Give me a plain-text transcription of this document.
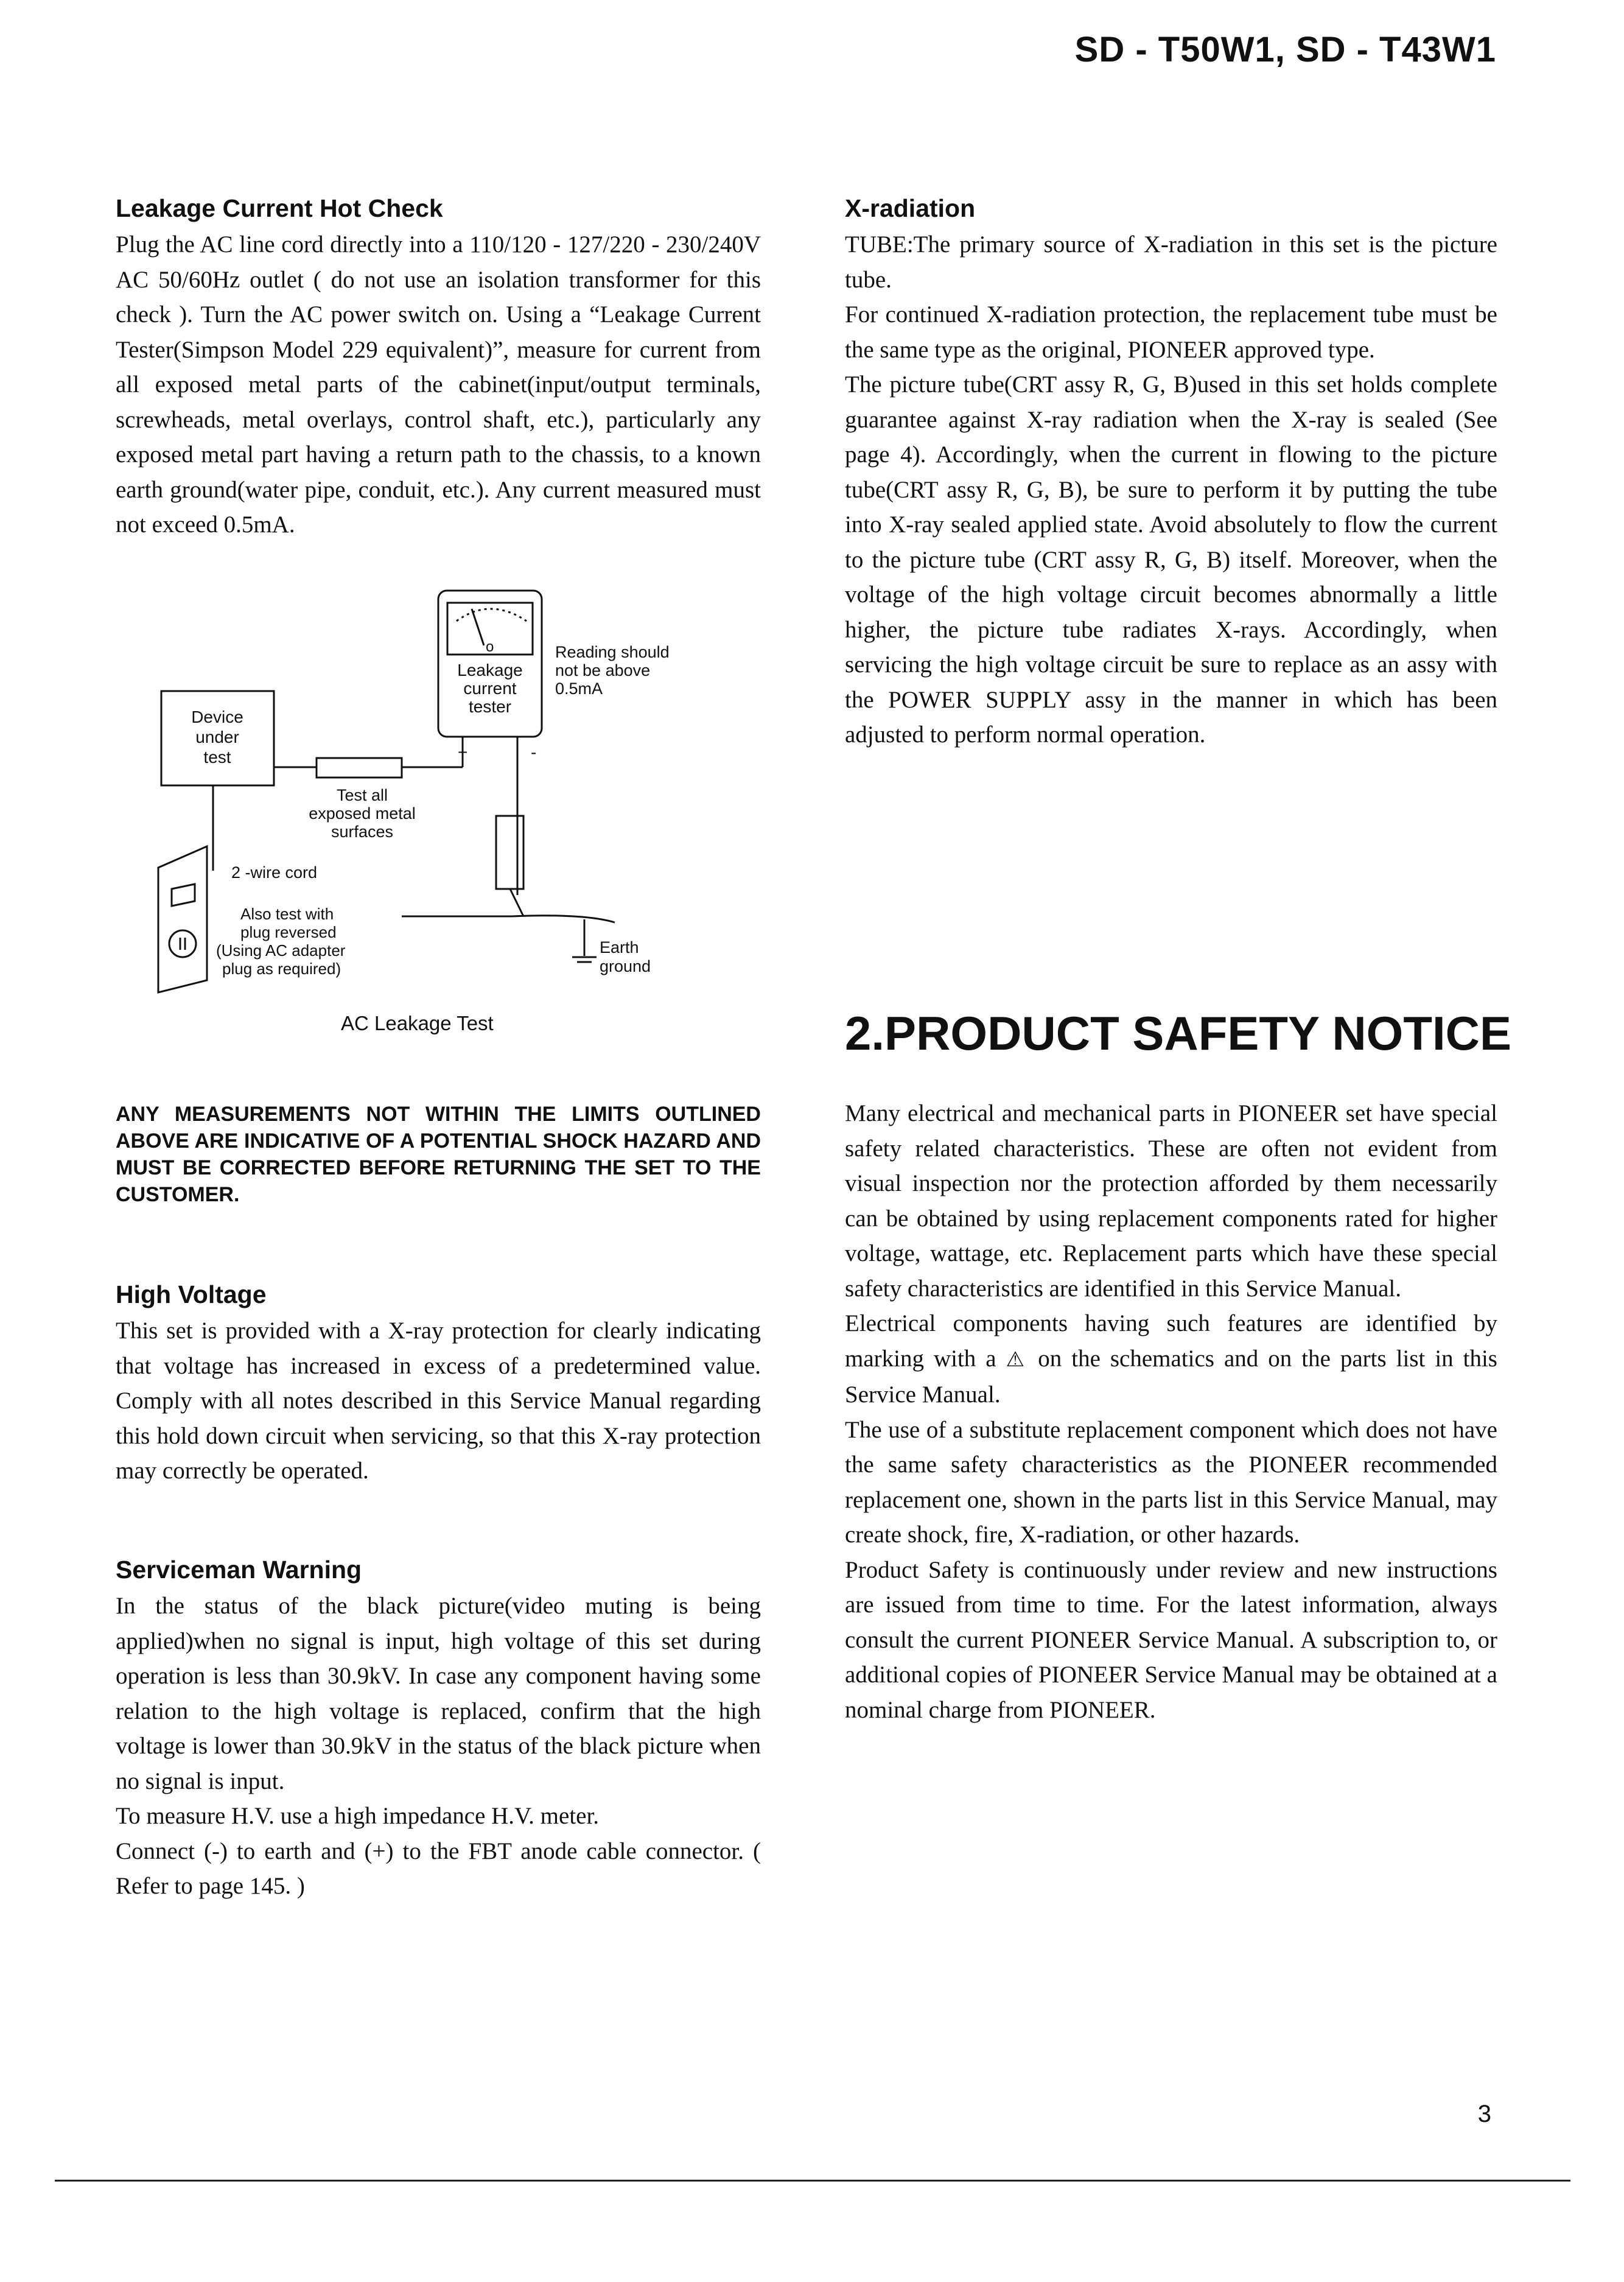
SD - T50W1, SD - T43W1
Leakage Current Hot Check

Plug the AC line cord directly into a 110/120 - 127/220 - 230/240V AC 50/60Hz outlet ( do not use an isolation transformer for this check ). Turn the AC power switch on. Using a “Leakage Current Tester(Simpson Model 229 equivalent)”, measure for current from all exposed metal parts of the cabinet(input/output terminals, screwheads, metal overlays, control shaft, etc.), particularly any exposed metal part having a return path to the chassis, to a known earth ground(water pipe, conduit, etc.). Any current measured must not exceed 0.5mA.

o
Leakage
current
tester
+	-
Reading should
not be above
0.5mA
Device
under
test
Test all
exposed metal
surfaces
2 -wire cord
Also test with
plug reversed
(Using AC adapter
plug as required)
Earth
ground
AC Leakage Test

ANY MEASUREMENTS NOT WITHIN THE LIMITS OUTLINED ABOVE ARE INDICATIVE OF A POTENTIAL SHOCK HAZARD AND MUST BE CORRECTED BEFORE RETURNING THE SET TO THE CUSTOMER.

High Voltage

This set is provided with a X-ray protection for clearly indicating that voltage has increased in excess of a predetermined value. Comply with all notes described in this Service Manual regarding this hold down circuit when servicing, so that this X-ray protection may correctly be operated.

Serviceman Warning

In the status of the black picture(video muting is being applied)when no signal is input, high voltage of this set during operation is less than 30.9kV. In case any component having some relation to the high voltage is replaced, confirm that the high voltage is lower than 30.9kV in the status of the black picture when no signal is input.

To measure H.V. use a high impedance H.V. meter.

Connect (-) to earth and (+) to the FBT anode cable connector. ( Refer to page 145. )

X-radiation

TUBE:The primary source of X-radiation in this set is the picture tube.

For continued X-radiation protection, the replacement tube must be the same type as the original, PIONEER approved type.

The picture tube(CRT assy R, G, B)used in this set holds complete guarantee against X-ray radiation when the X-ray is sealed (See page 4). Accordingly, when the current in flowing to the picture tube(CRT assy R, G, B), be sure to perform it by putting the tube into X-ray sealed applied state. Avoid absolutely to flow the current to the picture tube (CRT assy R, G, B) itself. Moreover, when the voltage of the high voltage circuit becomes abnormally a little higher, the picture tube radiates X-rays. Accordingly, when servicing the high voltage circuit be sure to replace as an assy with the POWER SUPPLY assy in the manner in which has been adjusted to perform normal operation.

2.PRODUCT SAFETY NOTICE

Many electrical and mechanical parts in PIONEER set have special safety related characteristics. These are often not evident from visual inspection nor the protection afforded by them necessarily can be obtained by using replacement components rated for higher voltage, wattage, etc. Replacement parts which have these special safety characteristics are identified in this Service Manual.

Electrical components having such features are identified by marking with a ⚠ on the schematics and on the parts list in this Service Manual.

The use of a substitute replacement component which does not have the same safety characteristics as the PIONEER recommended replacement one, shown in the parts list in this Service Manual, may create shock, fire, X-radiation, or other hazards.

Product Safety is continuously under review and new instructions are issued from time to time. For the latest information, always consult the current PIONEER Service Manual. A subscription to, or additional copies of PIONEER Service Manual may be obtained at a nominal charge from PIONEER.

3
